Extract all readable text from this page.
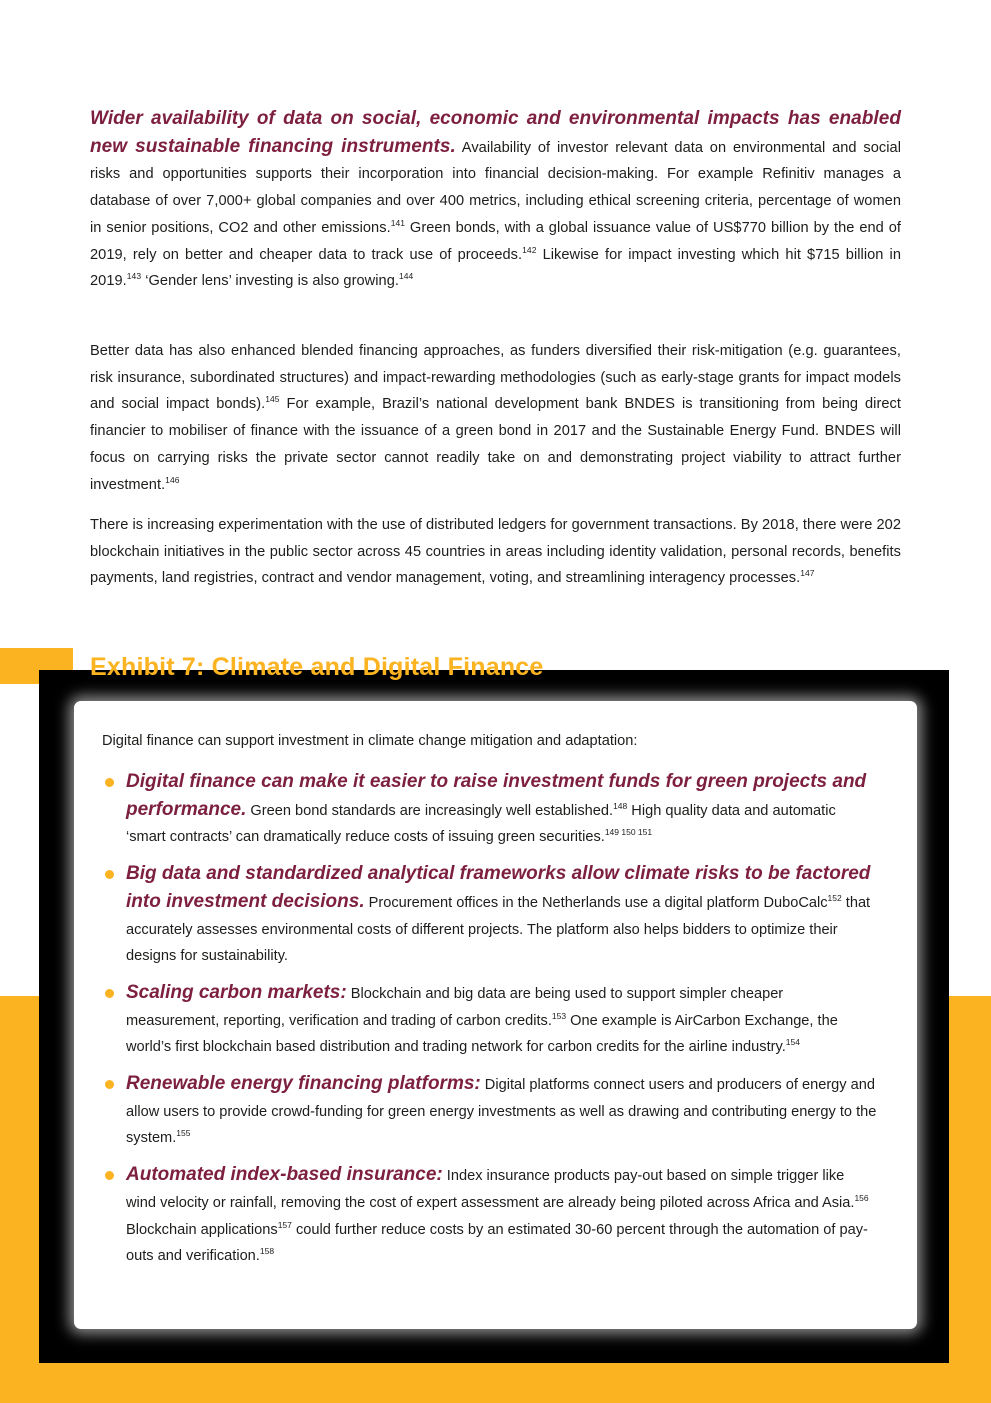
Wider availability of data on social, economic and environmental impacts has enabled new sustainable financing instruments. Availability of investor relevant data on environmental and social risks and opportunities supports their incorporation into financial decision-making. For example Refinitiv manages a database of over 7,000+ global companies and over 400 metrics, including ethical screening criteria, percentage of women in senior positions, CO2 and other emissions.$^{141}$ Green bonds, with a global issuance value of US$770 billion by the end of 2019, rely on better and cheaper data to track use of proceeds.$^{142}$ Likewise for impact investing which hit $715 billion in 2019.$^{143}$ ‘Gender lens’ investing is also growing.$^{144}$

Better data has also enhanced blended financing approaches, as funders diversified their risk-mitigation (e.g. guarantees, risk insurance, subordinated structures) and impact-rewarding methodologies (such as early-stage grants for impact models and social impact bonds).$^{145}$ For example, Brazil’s national development bank BNDES is transitioning from being direct financier to mobiliser of finance with the issuance of a green bond in 2017 and the Sustainable Energy Fund. BNDES will focus on carrying risks the private sector cannot readily take on and demonstrating project viability to attract further investment.$^{146}$

There is increasing experimentation with the use of distributed ledgers for government transactions. By 2018, there were 202 blockchain initiatives in the public sector across 45 countries in areas including identity validation, personal records, benefits payments, land registries, contract and vendor management, voting, and streamlining interagency processes.$^{147}$

Exhibit 7: Climate and Digital Finance

Digital finance can support investment in climate change mitigation and adaptation:

Digital finance can make it easier to raise investment funds for green projects and performance. Green bond standards are increasingly well established.$^{148}$ High quality data and automatic ‘smart contracts’ can dramatically reduce costs of issuing green securities.$^{149 150 151}$
Big data and standardized analytical frameworks allow climate risks to be factored into investment decisions. Procurement offices in the Netherlands use a digital platform DuboCalc$^{152}$ that accurately assesses environmental costs of different projects. The platform also helps bidders to optimize their designs for sustainability.
Scaling carbon markets: Blockchain and big data are being used to support simpler cheaper measurement, reporting, verification and trading of carbon credits.$^{153}$ One example is AirCarbon Exchange, the world’s first blockchain based distribution and trading network for carbon credits for the airline industry.$^{154}$
Renewable energy financing platforms: Digital platforms connect users and producers of energy and allow users to provide crowd-funding for green energy investments as well as drawing and contributing energy to the system.$^{155}$
Automated index-based insurance: Index insurance products pay-out based on simple trigger like wind velocity or rainfall, removing the cost of expert assessment are already being piloted across Africa and Asia.$^{156}$ Blockchain applications$^{157}$ could further reduce costs by an estimated 30-60 percent through the automation of pay-outs and verification.$^{158}$
